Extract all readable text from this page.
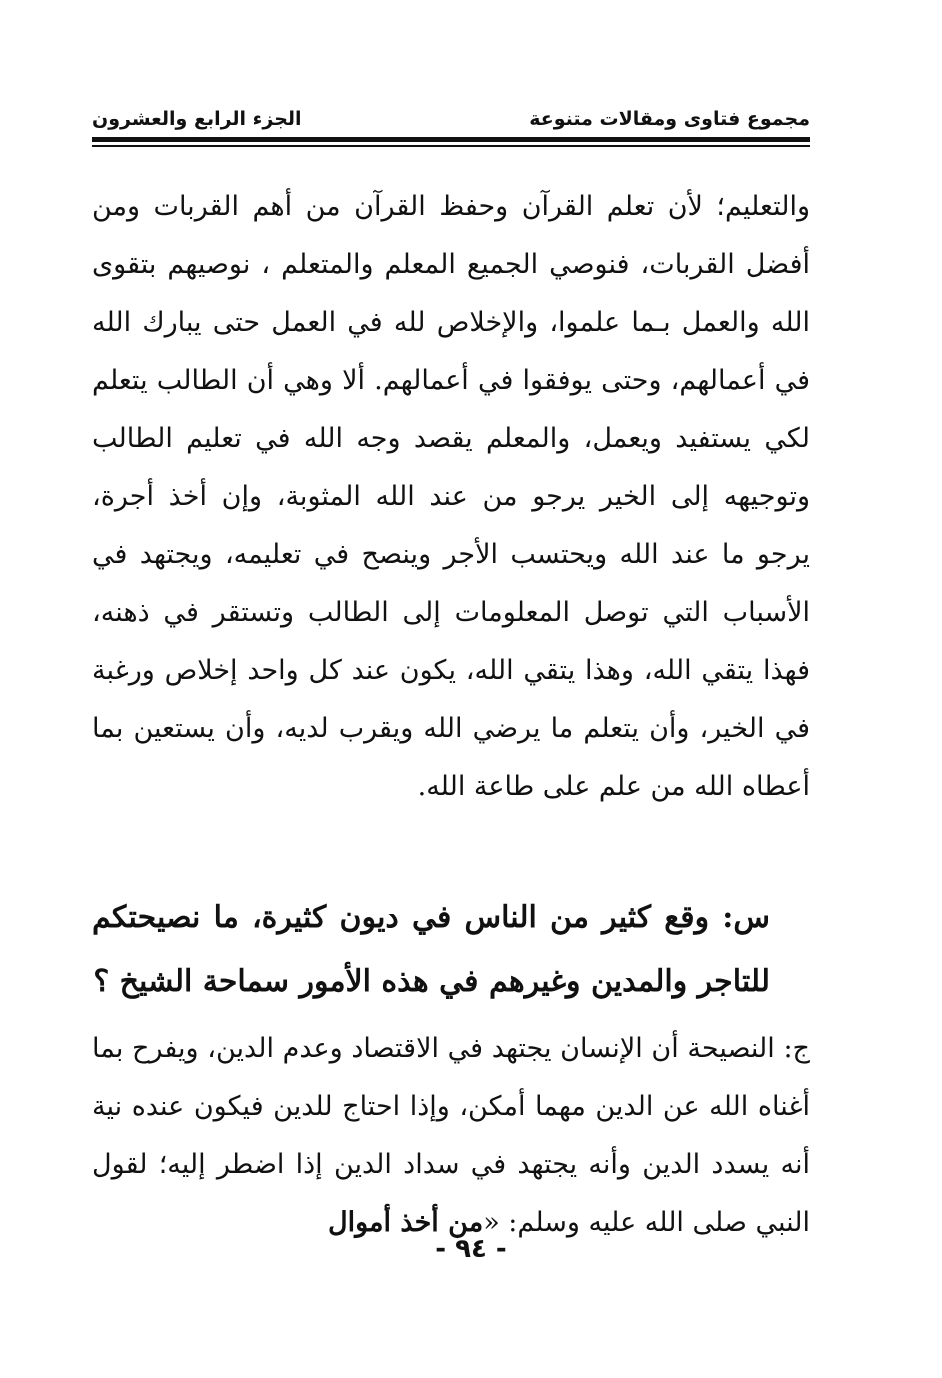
مجموع فتاوى ومقالات متنوعة
الجزء الرابع والعشرون

والتعليم؛ لأن تعلم القرآن وحفظ القرآن من أهم القربات ومن أفضل القربات، فنوصي الجميع المعلم والمتعلم ، نوصيهم بتقوى الله والعمل بـما علموا، والإخلاص لله في العمل حتى يبارك الله في أعمالهم، وحتى يوفقوا في أعمالهم. ألا وهي أن الطالب يتعلم لكي يستفيد ويعمل، والمعلم يقصد وجه الله في تعليم الطالب وتوجيهه إلى الخير يرجو من عند الله المثوبة، وإن أخذ أجرة، يرجو ما عند الله ويحتسب الأجر وينصح في تعليمه، ويجتهد في الأسباب التي توصل المعلومات إلى الطالب وتستقر في ذهنه، فهذا يتقي الله، وهذا يتقي الله، يكون عند كل واحد إخلاص ورغبة في الخير، وأن يتعلم ما يرضي الله ويقرب لديه، وأن يستعين بما أعطاه الله من علم على طاعة الله.

س: وقع كثير من الناس في ديون كثيرة، ما نصيحتكم للتاجر والمدين وغيرهم في هذه الأمور سماحة الشيخ ؟

ج: النصيحة أن الإنسان يجتهد في الاقتصاد وعدم الدين، ويفرح بما أغناه الله عن الدين مهما أمكن، وإذا احتاج للدين فيكون عنده نية أنه يسدد الدين وأنه يجتهد في سداد الدين إذا اضطر إليه؛ لقول النبي صلى الله عليه وسلم: «من أخذ أموال

- ٩٤ -
